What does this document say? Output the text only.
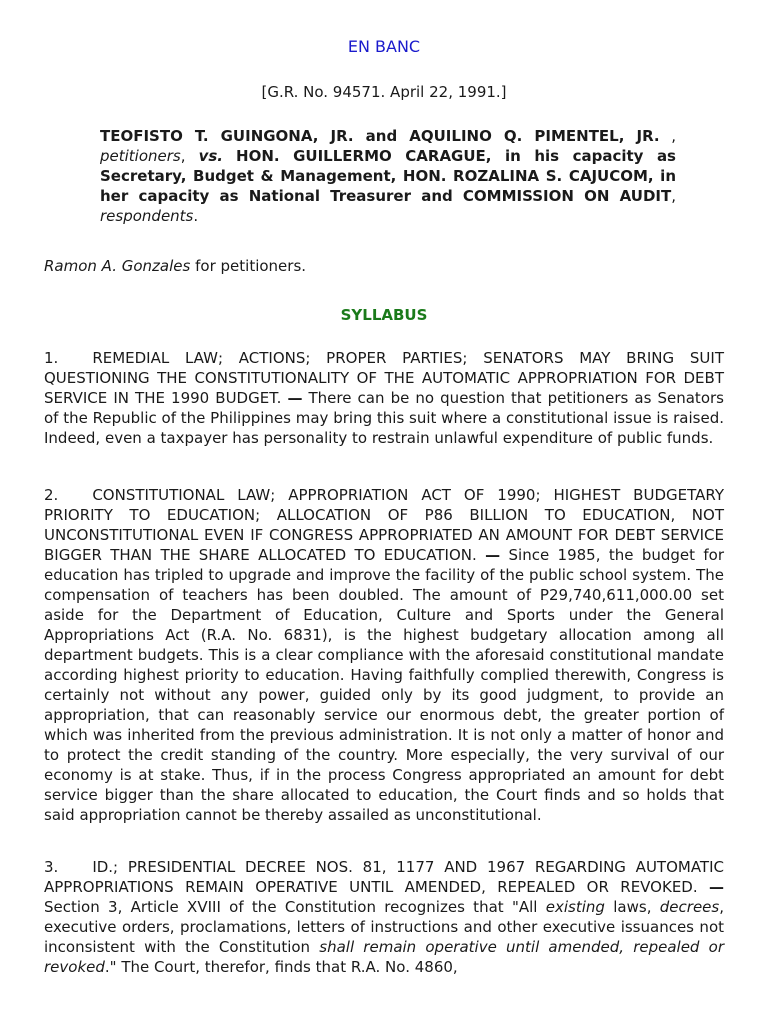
EN BANC
[G.R. No. 94571. April 22, 1991.]
TEOFISTO T. GUINGONA, JR. and AQUILINO Q. PIMENTEL, JR. , petitioners, vs. HON. GUILLERMO CARAGUE, in his capacity as Secretary, Budget & Management, HON. ROZALINA S. CAJUCOM, in her capacity as National Treasurer and COMMISSION ON AUDIT, respondents.
Ramon A. Gonzales for petitioners.
SYLLABUS
1. REMEDIAL LAW; ACTIONS; PROPER PARTIES; SENATORS MAY BRING SUIT QUESTIONING THE CONSTITUTIONALITY OF THE AUTOMATIC APPROPRIATION FOR DEBT SERVICE IN THE 1990 BUDGET. — There can be no question that petitioners as Senators of the Republic of the Philippines may bring this suit where a constitutional issue is raised. Indeed, even a taxpayer has personality to restrain unlawful expenditure of public funds.
2. CONSTITUTIONAL LAW; APPROPRIATION ACT OF 1990; HIGHEST BUDGETARY PRIORITY TO EDUCATION; ALLOCATION OF P86 BILLION TO EDUCATION, NOT UNCONSTITUTIONAL EVEN IF CONGRESS APPROPRIATED AN AMOUNT FOR DEBT SERVICE BIGGER THAN THE SHARE ALLOCATED TO EDUCATION. — Since 1985, the budget for education has tripled to upgrade and improve the facility of the public school system. The compensation of teachers has been doubled. The amount of P29,740,611,000.00 set aside for the Department of Education, Culture and Sports under the General Appropriations Act (R.A. No. 6831), is the highest budgetary allocation among all department budgets. This is a clear compliance with the aforesaid constitutional mandate according highest priority to education. Having faithfully complied therewith, Congress is certainly not without any power, guided only by its good judgment, to provide an appropriation, that can reasonably service our enormous debt, the greater portion of which was inherited from the previous administration. It is not only a matter of honor and to protect the credit standing of the country. More especially, the very survival of our economy is at stake. Thus, if in the process Congress appropriated an amount for debt service bigger than the share allocated to education, the Court finds and so holds that said appropriation cannot be thereby assailed as unconstitutional.
3. ID.; PRESIDENTIAL DECREE NOS. 81, 1177 AND 1967 REGARDING AUTOMATIC APPROPRIATIONS REMAIN OPERATIVE UNTIL AMENDED, REPEALED OR REVOKED. — Section 3, Article XVIII of the Constitution recognizes that "All existing laws, decrees, executive orders, proclamations, letters of instructions and other executive issuances not inconsistent with the Constitution shall remain operative until amended, repealed or revoked." The Court, therefor, finds that R.A. No. 4860,
